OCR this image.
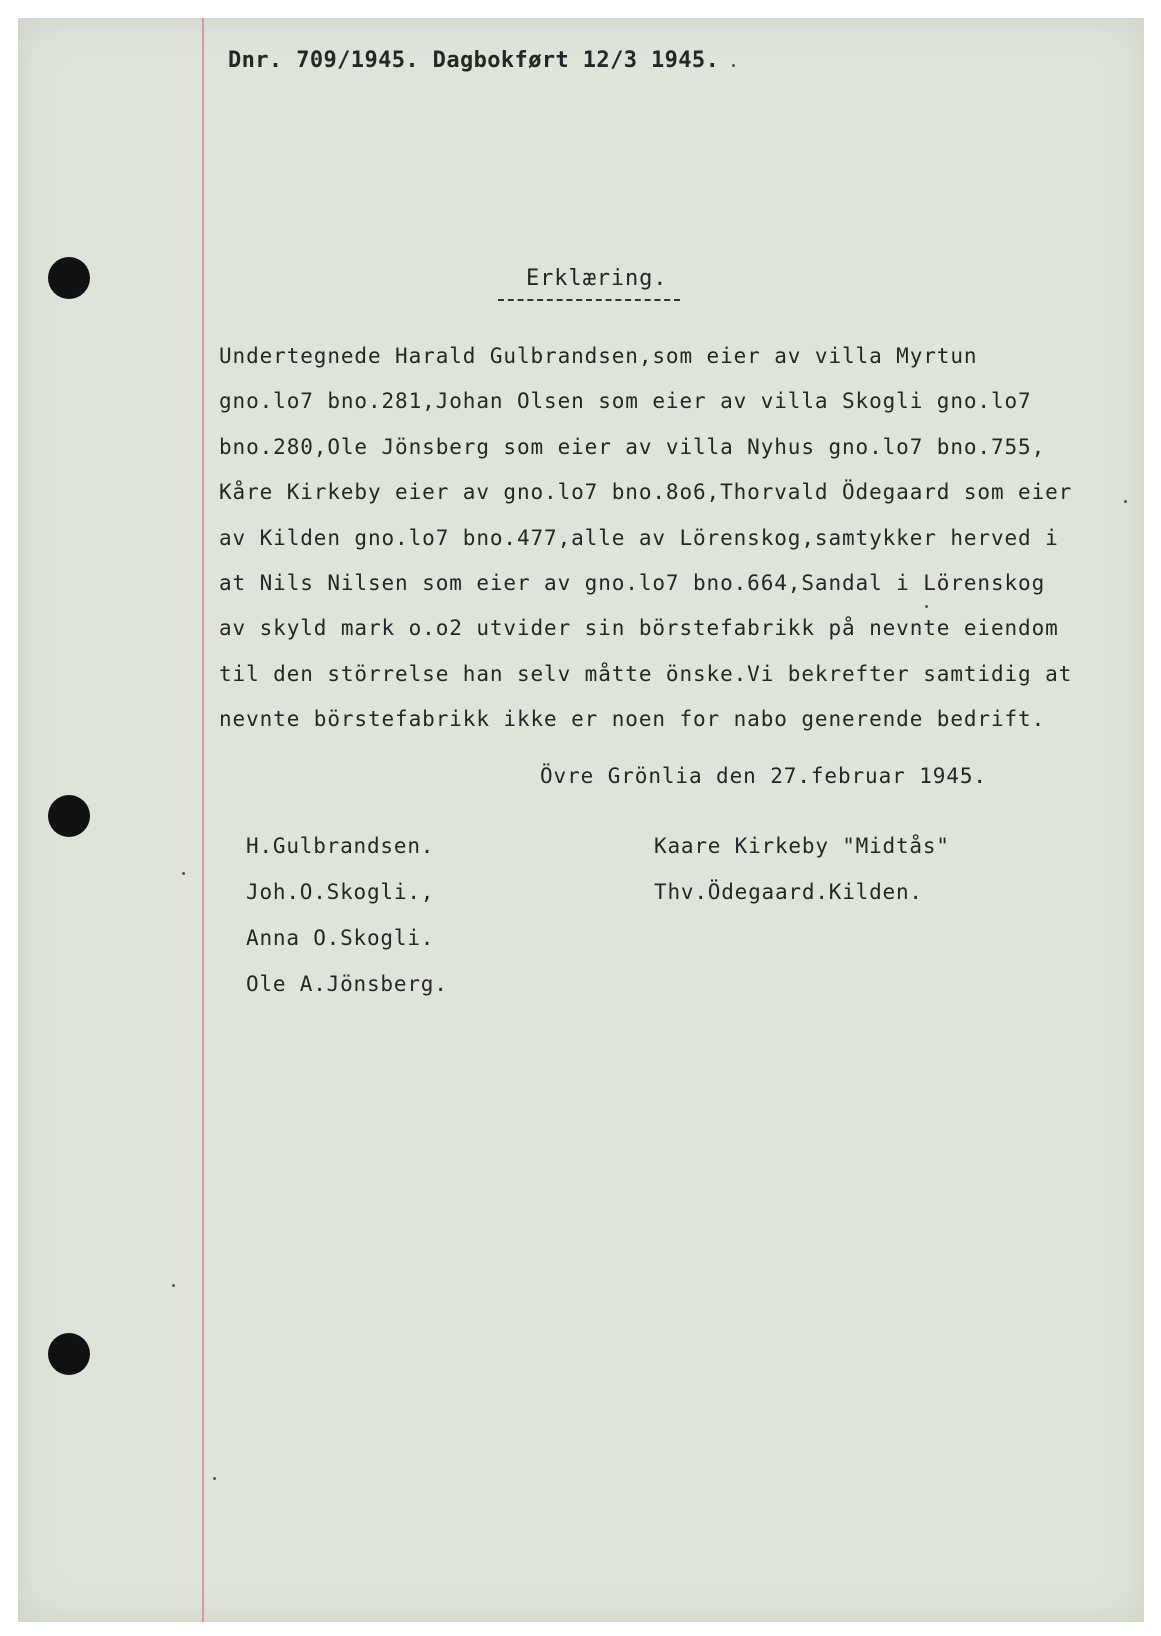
Dnr. 709/1945. Dagbokført 12/3 1945.

Erklæring.

Undertegnede Harald Gulbrandsen,som eier av villa Myrtun
gno.lo7 bno.281,Johan Olsen som eier av villa Skogli gno.lo7
bno.280,Ole Jönsberg som eier av villa Nyhus gno.lo7 bno.755,
Kåre Kirkeby eier av gno.lo7 bno.8o6,Thorvald Ödegaard som eier
av Kilden gno.lo7 bno.477,alle av Lörenskog,samtykker herved i
at Nils Nilsen som eier av gno.lo7 bno.664,Sandal i Lörenskog
av skyld mark o.o2 utvider sin börstefabrikk på nevnte eiendom
til den störrelse han selv måtte önske.Vi bekrefter samtidig at
nevnte börstefabrikk ikke er noen for nabo generende bedrift.

Övre Grönlia den 27.februar 1945.

H.Gulbrandsen.
Joh.O.Skogli.,
Anna O.Skogli.
Ole A.Jönsberg.
Kaare Kirkeby "Midtås"
Thv.Ödegaard.Kilden.
